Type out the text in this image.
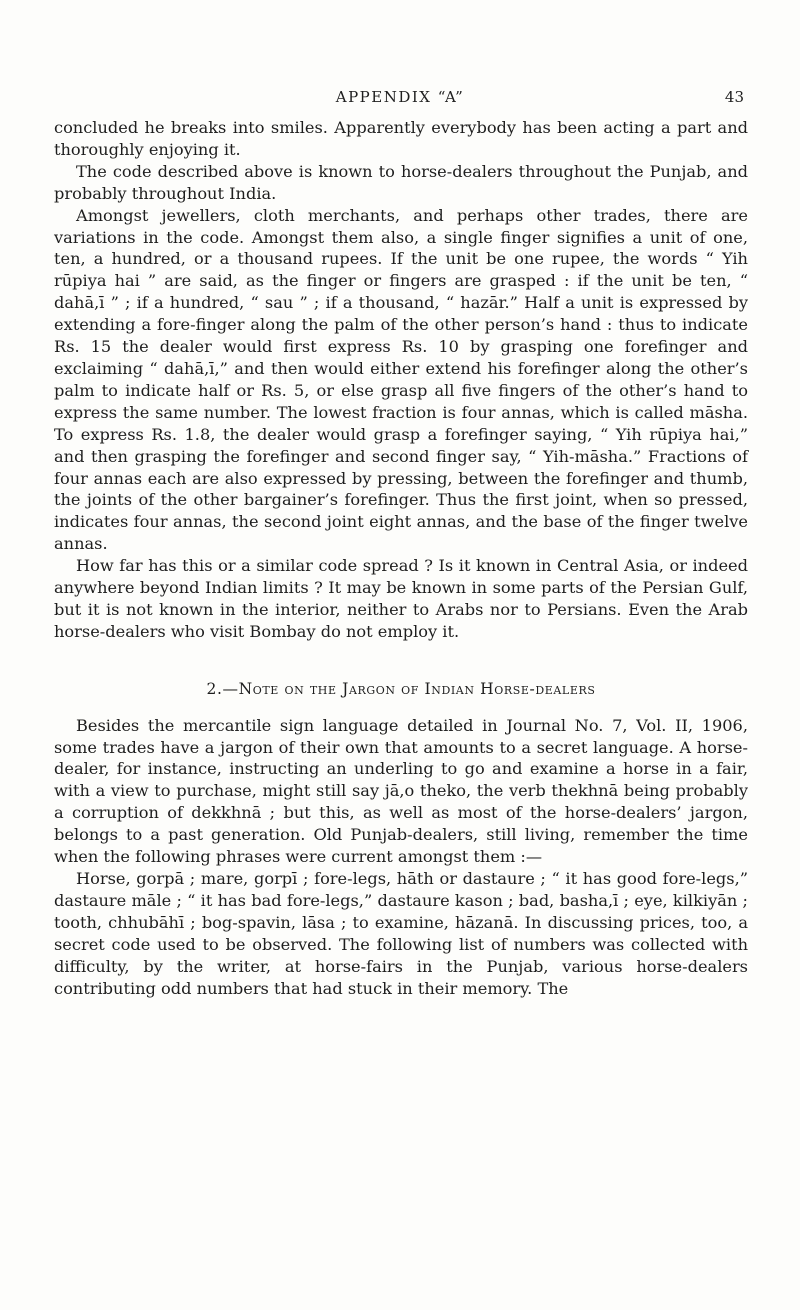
APPENDIX “A”	43

concluded he breaks into smiles. Apparently everybody has been acting a part and thoroughly enjoying it.

The code described above is known to horse-dealers throughout the Punjab, and probably throughout India.

Amongst jewellers, cloth merchants, and perhaps other trades, there are variations in the code. Amongst them also, a single finger signifies a unit of one, ten, a hundred, or a thousand rupees. If the unit be one rupee, the words “ Yih rūpiya hai ” are said, as the finger or fingers are grasped : if the unit be ten, “ dahā,ī ” ; if a hundred, “ sau ” ; if a thousand, “ hazār.” Half a unit is expressed by extending a fore-finger along the palm of the other person’s hand : thus to indicate Rs. 15 the dealer would first express Rs. 10 by grasping one forefinger and exclaiming “ dahā,ī,” and then would either extend his forefinger along the other’s palm to indicate half or Rs. 5, or else grasp all five fingers of the other’s hand to express the same number. The lowest fraction is four annas, which is called māsha. To express Rs. 1.8, the dealer would grasp a forefinger saying, “ Yih rūpiya hai,” and then grasping the forefinger and second finger say, “ Yih-māsha.” Fractions of four annas each are also expressed by pressing, between the forefinger and thumb, the joints of the other bargainer’s forefinger. Thus the first joint, when so pressed, indicates four annas, the second joint eight annas, and the base of the finger twelve annas.

How far has this or a similar code spread ? Is it known in Central Asia, or indeed anywhere beyond Indian limits ? It may be known in some parts of the Persian Gulf, but it is not known in the interior, neither to Arabs nor to Persians. Even the Arab horse-dealers who visit Bombay do not employ it.

2.—Note on the Jargon of Indian Horse-dealers

Besides the mercantile sign language detailed in Journal No. 7, Vol. II, 1906, some trades have a jargon of their own that amounts to a secret language. A horse-dealer, for instance, instructing an underling to go and examine a horse in a fair, with a view to purchase, might still say jā,o theko, the verb thekhnā being probably a corruption of dekkhnā ; but this, as well as most of the horse-dealers’ jargon, belongs to a past generation. Old Punjab-dealers, still living, remember the time when the following phrases were current amongst them :—

Horse, gorpā ; mare, gorpī ; fore-legs, hāth or dastaure ; “ it has good fore-legs,” dastaure māle ; “ it has bad fore-legs,” dastaure kason ; bad, basha,ī ; eye, kilkiyān ; tooth, chhubāhī ; bog-spavin, lāsa ; to examine, hāzanā. In discussing prices, too, a secret code used to be observed. The following list of numbers was collected with difficulty, by the writer, at horse-fairs in the Punjab, various horse-dealers contributing odd numbers that had stuck in their memory. The
